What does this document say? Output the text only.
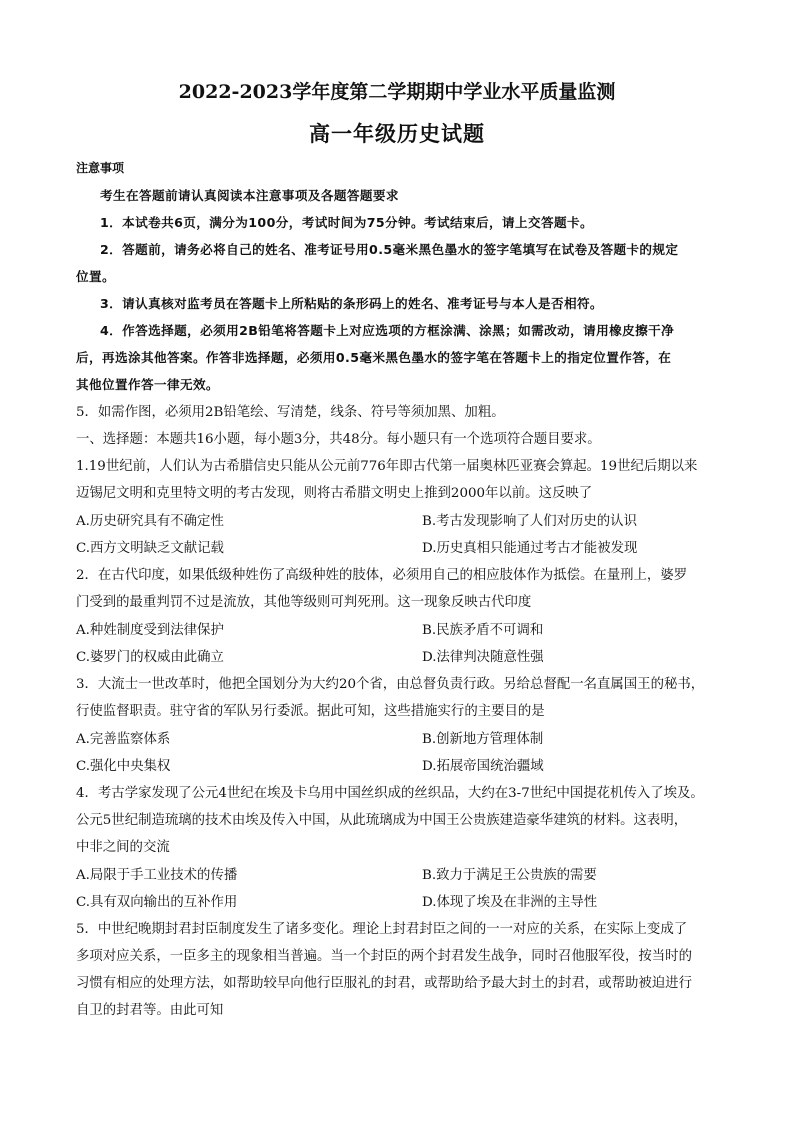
2022-2023学年度第二学期期中学业水平质量监测
高一年级历史试题
注意事项
考生在答题前请认真阅读本注意事项及各题答题要求
1．本试卷共6页，满分为100分，考试时间为75分钟。考试结束后，请上交答题卡。
2．答题前，请务必将自己的姓名、准考证号用0.5毫米黑色墨水的签字笔填写在试卷及答题卡的规定
位置。
3．请认真核对监考员在答题卡上所粘贴的条形码上的姓名、准考证号与本人是否相符。
4．作答选择题，必须用2B铅笔将答题卡上对应选项的方框涂满、涂黑；如需改动，请用橡皮擦干净
后，再选涂其他答案。作答非选择题，必须用0.5毫米黑色墨水的签字笔在答题卡上的指定位置作答，在
其他位置作答一律无效。
5．如需作图，必须用2B铅笔绘、写清楚，线条、符号等须加黑、加粗。
一、选择题：本题共16小题，每小题3分，共48分。每小题只有一个选项符合题目要求。
1.19世纪前，人们认为古希腊信史只能从公元前776年即古代第一届奥林匹亚赛会算起。19世纪后期以来
迈锡尼文明和克里特文明的考古发现，则将古希腊文明史上推到2000年以前。这反映了
A.历史研究具有不确定性	B.考古发现影响了人们对历史的认识
C.西方文明缺乏文献记载	D.历史真相只能通过考古才能被发现
2．在古代印度，如果低级种姓伤了高级种姓的肢体，必须用自己的相应肢体作为抵偿。在量刑上，婆罗
门受到的最重判罚不过是流放，其他等级则可判死刑。这一现象反映古代印度
A.种姓制度受到法律保护	B.民族矛盾不可调和
C.婆罗门的权威由此确立	D.法律判决随意性强
3．大流士一世改革时，他把全国划分为大约20个省，由总督负责行政。另给总督配一名直属国王的秘书，
行使监督职责。驻守省的军队另行委派。据此可知，这些措施实行的主要目的是
A.完善监察体系	B.创新地方管理体制
C.强化中央集权	D.拓展帝国统治疆域
4．考古学家发现了公元4世纪在埃及卡乌用中国丝织成的丝织品，大约在3-7世纪中国提花机传入了埃及。
公元5世纪制造琉璃的技术由埃及传入中国，从此琉璃成为中国王公贵族建造豪华建筑的材料。这表明，
中非之间的交流
A.局限于手工业技术的传播	B.致力于满足王公贵族的需要
C.具有双向输出的互补作用	D.体现了埃及在非洲的主导性
5．中世纪晚期封君封臣制度发生了诸多变化。理论上封君封臣之间的一一对应的关系，在实际上变成了
多项对应关系，一臣多主的现象相当普遍。当一个封臣的两个封君发生战争，同时召他服军役，按当时的
习惯有相应的处理方法，如帮助较早向他行臣服礼的封君，或帮助给予最大封土的封君，或帮助被迫进行
自卫的封君等。由此可知
